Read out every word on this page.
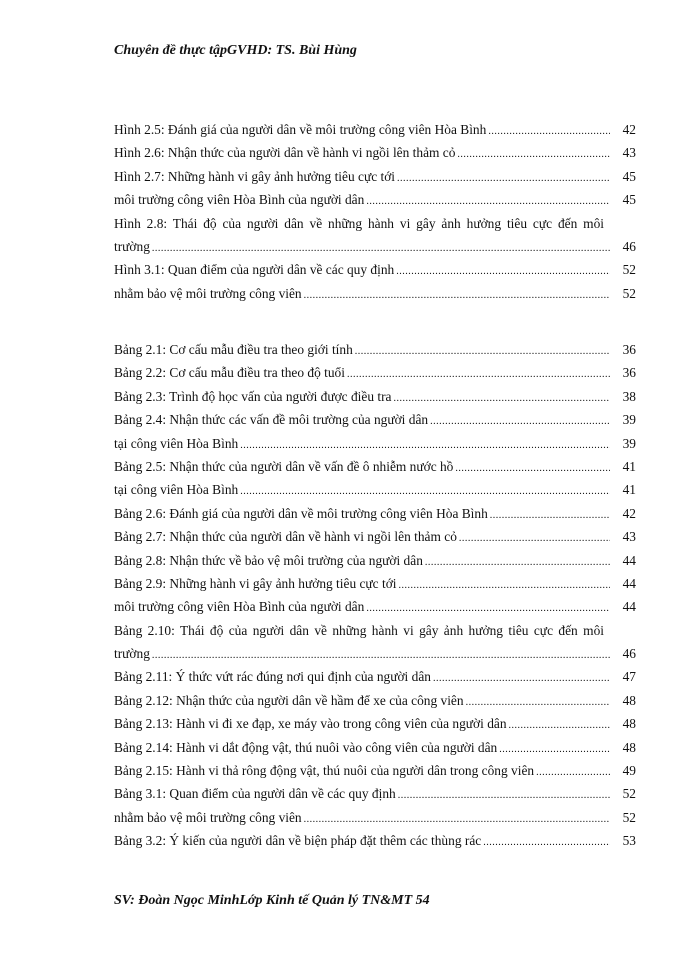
Chuyên đề thực tậpGVHD: TS. Bùi Hùng
Hình 2.5: Đánh giá của người dân về môi trường công viên Hòa Bình .....	42
Hình 2.6: Nhận thức của người dân về hành vi ngồi lên thảm cỏ .....	43
Hình 2.7: Những hành vi gây ảnh hưởng tiêu cực tới .....	45
môi trường công viên Hòa Bình của người dân .....	45
Hình 2.8: Thái độ của người dân về những hành vi gây ảnh hưởng tiêu cực đến môi
trường .....	46
Hình 3.1: Quan điểm của người dân về các quy định .....	52
nhằm bảo vệ môi trường công viên .....	52
Bảng 2.1: Cơ cấu mẫu điều tra theo giới tính .....	36
Bảng 2.2: Cơ cấu mẫu điều tra theo độ tuổi .....	36
Bảng 2.3: Trình độ học vấn của người được điều tra .....	38
Bảng 2.4: Nhận thức các vấn đề môi trường của người dân .....	39
tại công viên Hòa Bình .....	39
Bảng 2.5: Nhận thức của người dân về vấn đề ô nhiễm nước hồ .....	41
tại công viên Hòa Bình .....	41
Bảng 2.6: Đánh giá của người dân về môi trường công viên Hòa Bình .....	42
Bảng 2.7: Nhận thức của người dân về hành vi ngồi lên thảm cỏ .....	43
Bảng 2.8: Nhận thức về bảo vệ môi trường của người dân .....	44
Bảng 2.9: Những hành vi gây ảnh hưởng tiêu cực tới .....	44
môi trường công viên Hòa Bình của người dân .....	44
Bảng 2.10: Thái độ của người dân về những hành vi gây ảnh hưởng tiêu cực đến môi
trường .....	46
Bảng 2.11: Ý thức vứt rác đúng nơi qui định của người dân .....	47
Bảng 2.12: Nhận thức của người dân về hầm để xe của công viên .....	48
Bảng 2.13: Hành vi đi xe đạp, xe máy vào trong công viên của người dân .....	48
Bảng 2.14: Hành vi dắt động vật, thú nuôi vào công viên của người dân .....	48
Bảng 2.15: Hành vi thả rông động vật, thú nuôi của người dân trong công viên .....	49
Bảng 3.1: Quan điểm của người dân về các quy định .....	52
nhằm bảo vệ môi trường công viên .....	52
Bảng 3.2: Ý kiến của người dân về biện pháp đặt thêm các thùng rác .....	53
SV: Đoàn Ngọc MinhLớp Kinh tế Quản lý TN&MT 54
